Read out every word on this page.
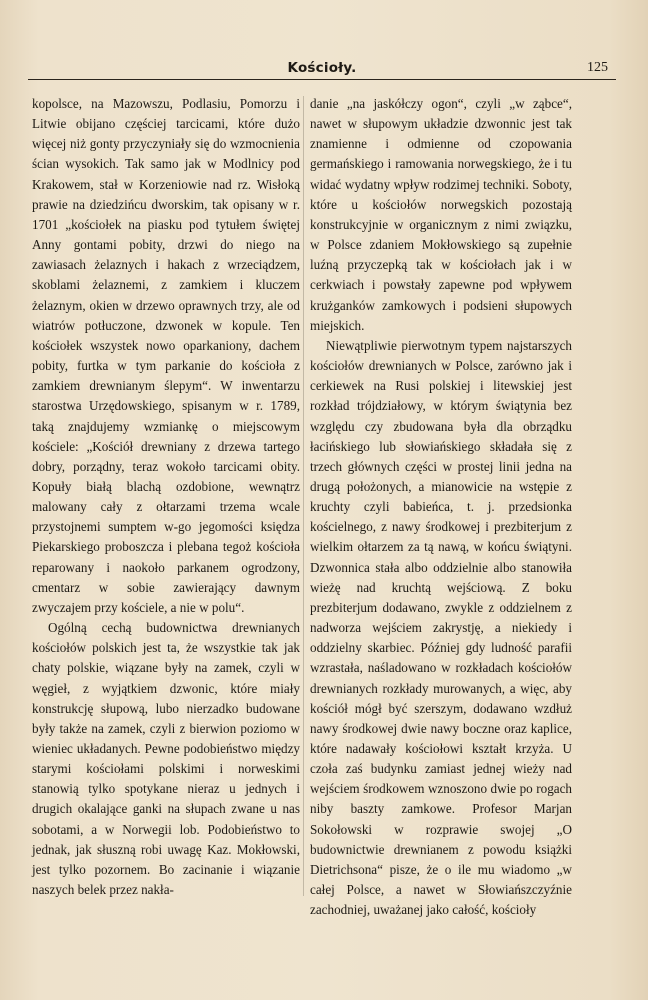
Kościoły.	125

kopolsce, na Mazowszu, Podlasiu, Pomorzu i Litwie obijano częściej tarcicami, które dużo więcej niż gonty przyczyniały się do wzmocnienia ścian wysokich. Tak samo jak w Modlnicy pod Krakowem, stał w Korzeniowie nad rz. Wisłoką prawie na dziedzińcu dworskim, tak opisany w r. 1701 „kościołek na piasku pod tytułem świętej Anny gontami pobity, drzwi do niego na zawiasach żelaznych i hakach z wrzeciądzem, skoblami żelaznemi, z zamkiem i kluczem żelaznym, okien w drzewo oprawnych trzy, ale od wiatrów potłuczone, dzwonek w kopule. Ten kościołek wszystek nowo oparkaniony, dachem pobity, furtka w tym parkanie do kościoła z zamkiem drewnianym ślepym“. W inwentarzu starostwa Urzędowskiego, spisanym w r. 1789, taką znajdujemy wzmiankę o miejscowym kościele: „Kościół drewniany z drzewa tartego dobry, porządny, teraz wokoło tarcicami obity. Kopuły białą blachą ozdobione, wewnątrz malowany cały z ołtarzami trzema wcale przystojnemi sumptem w-go jegomości księdza Piekarskiego proboszcza i plebana tegoż kościoła reparowany i naokoło parkanem ogrodzony, cmentarz w sobie zawierający dawnym zwyczajem przy kościele, a nie w polu“.

Ogólną cechą budownictwa drewnianych kościołów polskich jest ta, że wszystkie tak jak chaty polskie, wiązane były na zamek, czyli w węgieł, z wyjątkiem dzwonic, które miały konstrukcję słupową, lubo nierzadko budowane były także na zamek, czyli z bierwion poziomo w wieniec układanych. Pewne podobieństwo między starymi kościołami polskimi i norweskimi stanowią tylko spotykane nieraz u jednych i drugich okalające ganki na słupach zwane u nas sobotami, a w Norwegii lob. Podobieństwo to jednak, jak słuszną robi uwagę Kaz. Mokłowski, jest tylko pozornem. Bo zacinanie i wiązanie naszych belek przez nakła-

danie „na jaskółczy ogon“, czyli „w ząbce“, nawet w słupowym układzie dzwonnic jest tak znamienne i odmienne od czopowania germańskiego i ramowania norwegskiego, że i tu widać wydatny wpływ rodzimej techniki. Soboty, które u kościołów norwegskich pozostają konstrukcyjnie w organicznym z nimi związku, w Polsce zdaniem Mokłowskiego są zupełnie luźną przyczepką tak w kościołach jak i w cerkwiach i powstały zapewne pod wpływem krużganków zamkowych i podsieni słupowych miejskich.

Niewątpliwie pierwotnym typem najstarszych kościołów drewnianych w Polsce, zarówno jak i cerkiewek na Rusi polskiej i litewskiej jest rozkład trójdziałowy, w którym świątynia bez względu czy zbudowana była dla obrządku łacińskiego lub słowiańskiego składała się z trzech głównych części w prostej linii jedna na drugą położonych, a mianowicie na wstępie z kruchty czyli babieńca, t. j. przedsionka kościelnego, z nawy środkowej i prezbiterjum z wielkim ołtarzem za tą nawą, w końcu świątyni. Dzwonnica stała albo oddzielnie albo stanowiła wieżę nad kruchtą wejściową. Z boku prezbiterjum dodawano, zwykle z oddzielnem z nadworza wejściem zakrystję, a niekiedy i oddzielny skarbiec. Później gdy ludność parafii wzrastała, naśladowano w rozkładach kościołów drewnianych rozkłady murowanych, a więc, aby kościół mógł być szerszym, dodawano wzdłuż nawy środkowej dwie nawy boczne oraz kaplice, które nadawały kościołowi kształt krzyża. U czoła zaś budynku zamiast jednej wieży nad wejściem środkowem wznoszono dwie po rogach niby baszty zamkowe. Profesor Marjan Sokołowski w rozprawie swojej „O budownictwie drewnianem z powodu książki Dietrichsona“ pisze, że o ile mu wiadomo „w całej Polsce, a nawet w Słowiańszczyźnie zachodniej, uważanej jako całość, kościoły
